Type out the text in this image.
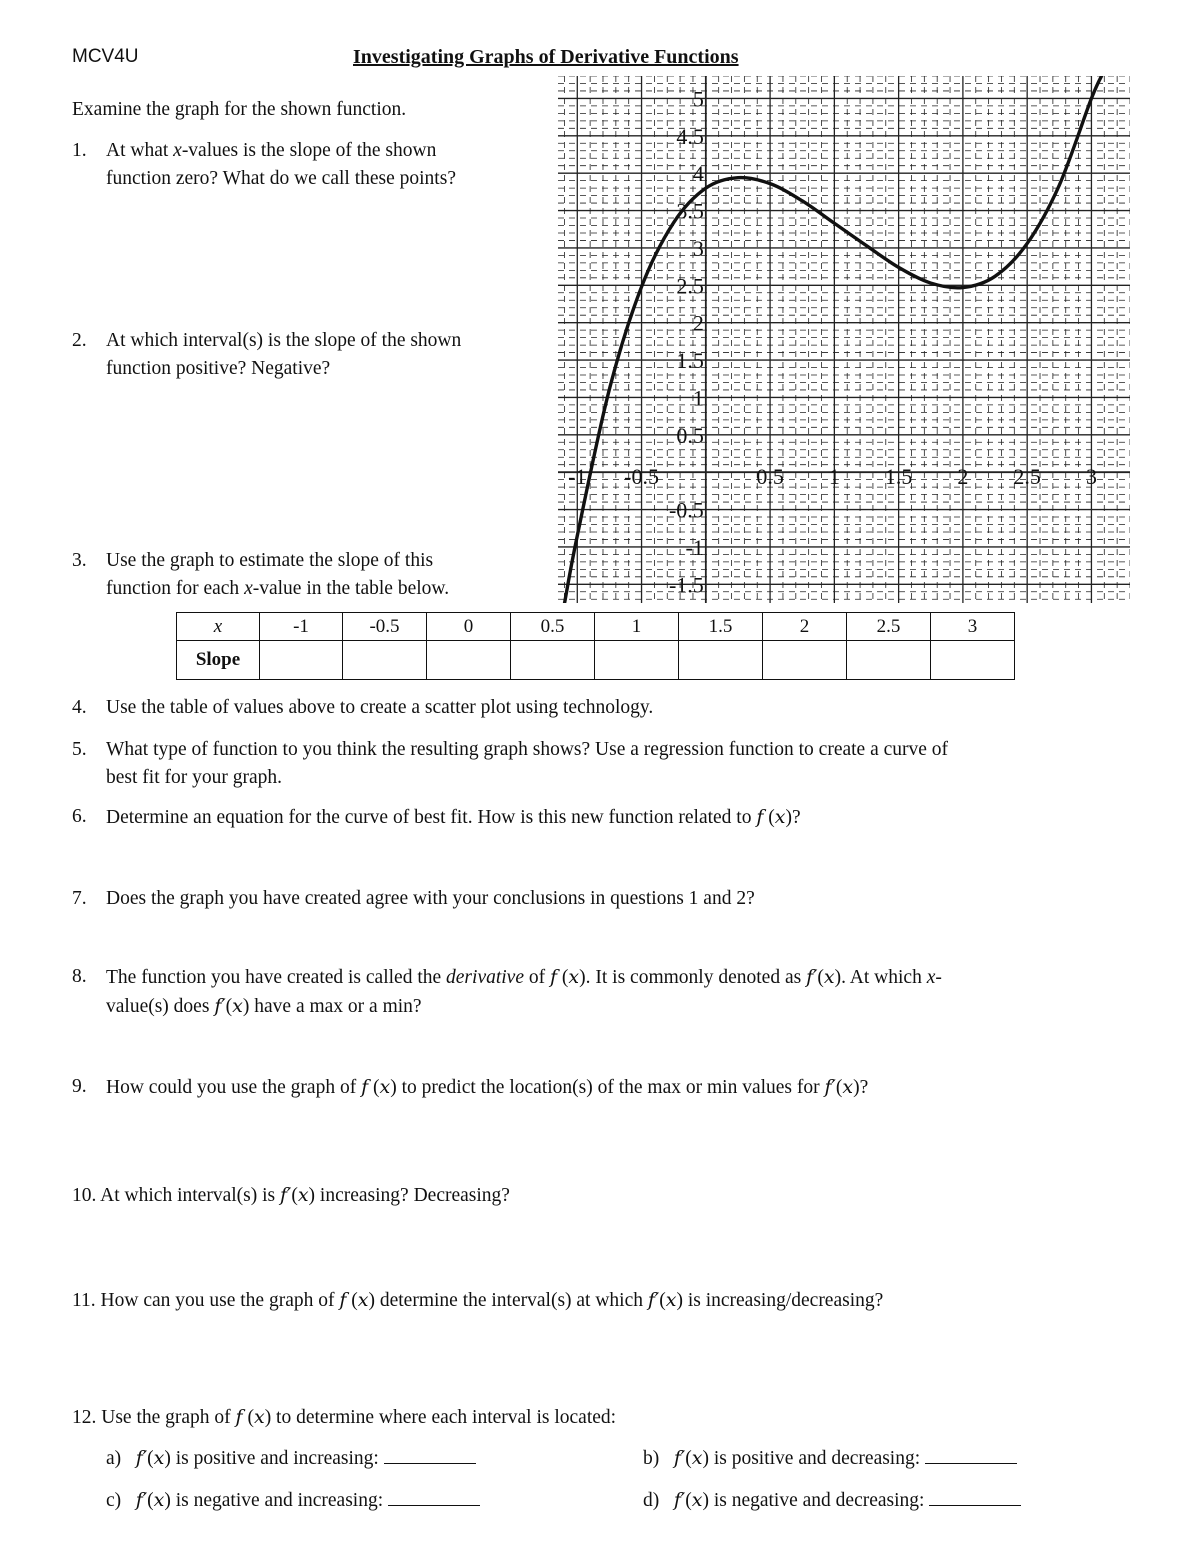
MCV4U	Investigating Graphs of Derivative Functions
-1 -0.5	0.5 1 1.5 2 2.5 3
-1.5
-1
-0.5
0.5
1
1.5
2
2.5
3
3.5
4
4.5
5
Examine the graph for the shown function.
1. At what x-values is the slope of the shown
function zero? What do we call these points?
2. At which interval(s) is the slope of the shown
function positive? Negative?
3. Use the graph to estimate the slope of this
function for each x-value in the table below.
x	-1	-0.5	0	0.5	1	1.5	2	2.5	3
Slope									
4. Use the table of values above to create a scatter plot using technology.
5. What type of function to you think the resulting graph shows? Use a regression function to create a curve of
best fit for your graph.
6. Determine an equation for the curve of best fit. How is this new function related to f (x)?
7. Does the graph you have created agree with your conclusions in questions 1 and 2?
8. The function you have created is called the derivative of f (x). It is commonly denoted as f′(x). At which x-
value(s) does f′(x) have a max or a min?
9. How could you use the graph of f (x) to predict the location(s) of the max or min values for f′(x)?
10. At which interval(s) is f′(x) increasing? Decreasing?
11. How can you use the graph of f (x) determine the interval(s) at which f′(x) is increasing/decreasing?
12. Use the graph of f (x) to determine where each interval is located:
a)   f′(x) is positive and increasing:	b)   f′(x) is positive and decreasing:
c)   f′(x) is negative and increasing:	d)   f′(x) is negative and decreasing:
